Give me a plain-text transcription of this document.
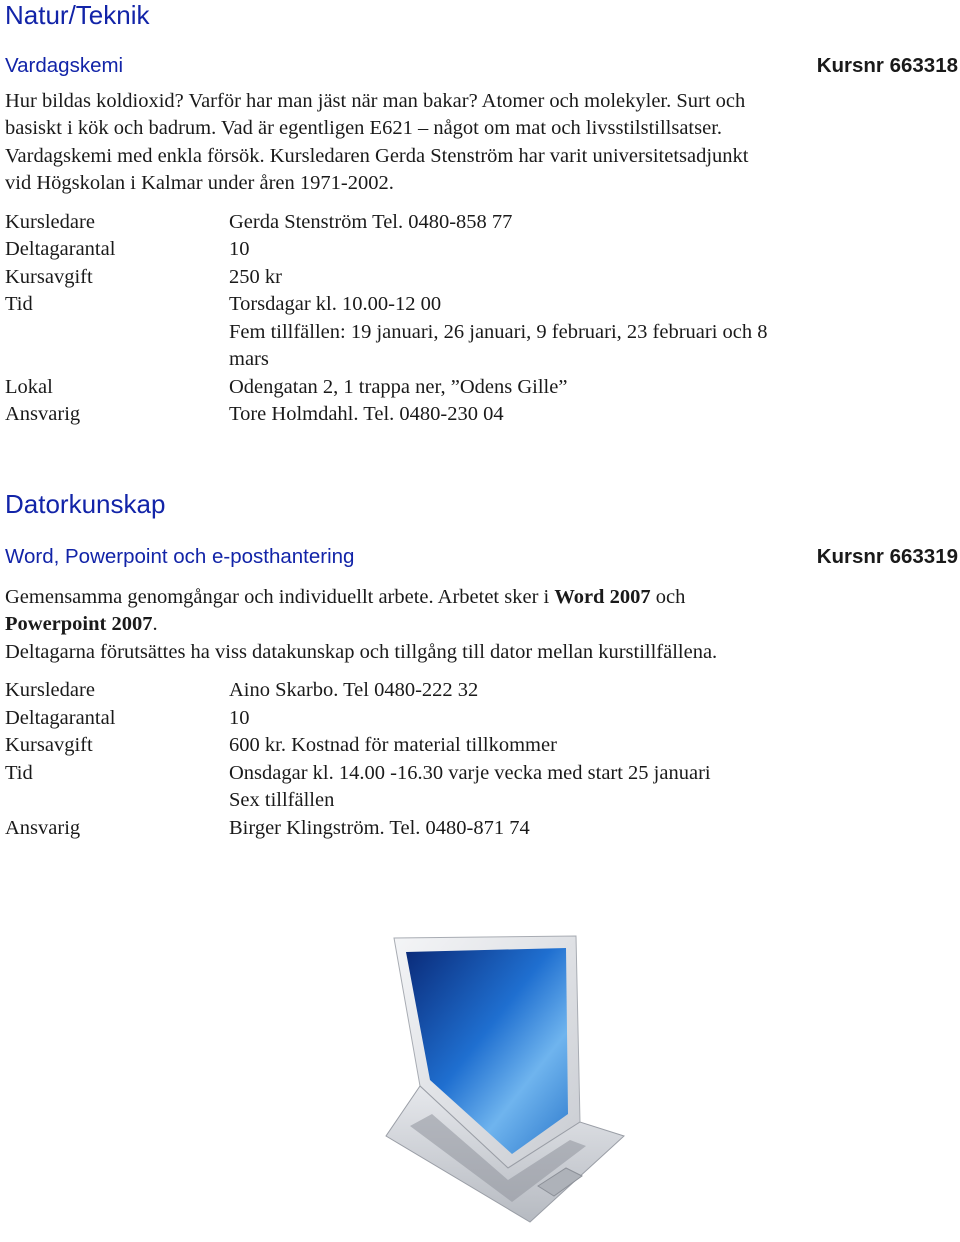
Natur/Teknik
Vardagskemi	Kursnr 663318
Hur bildas koldioxid? Varför har man jäst när man bakar? Atomer och molekyler. Surt och
basiskt i kök och badrum. Vad är egentligen E621 – något om mat och livsstilstillsatser.
Vardagskemi med enkla försök. Kursledaren Gerda Stenström har varit universitetsadjunkt
vid Högskolan i Kalmar under åren 1971-2002.
Kursledare	Gerda Stenström Tel. 0480-858 77
Deltagarantal	10
Kursavgift	250 kr
Tid	Torsdagar kl. 10.00-12 00
Fem tillfällen: 19 januari, 26 januari, 9 februari, 23 februari och 8
mars
Lokal	Odengatan 2, 1 trappa ner, ”Odens Gille”
Ansvarig	Tore Holmdahl. Tel. 0480-230 04
Datorkunskap
Word, Powerpoint och e-posthantering	Kursnr 663319
Gemensamma genomgångar och individuellt arbete. Arbetet sker i Word 2007 och
Powerpoint 2007.
Deltagarna förutsättes ha viss datakunskap och tillgång till dator mellan kurstillfällena.
Kursledare	Aino Skarbo. Tel 0480-222 32
Deltagarantal	10
Kursavgift	600 kr. Kostnad för material tillkommer
Tid	Onsdagar kl. 14.00 -16.30 varje vecka med start 25 januari
Sex tillfällen
Ansvarig	Birger Klingström. Tel. 0480-871 74
